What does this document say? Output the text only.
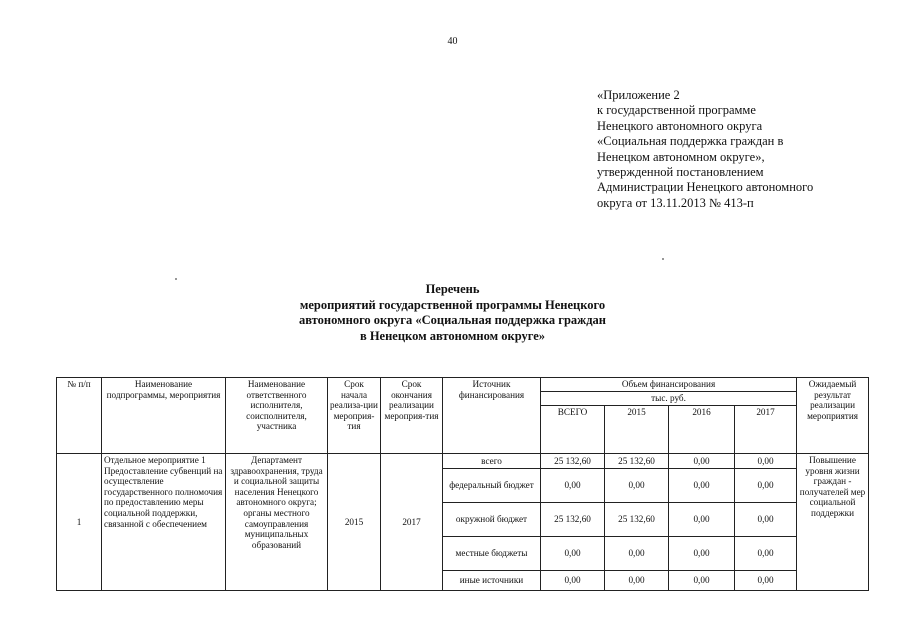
40
«Приложение 2
к государственной программе
Ненецкого автономного округа
«Социальная поддержка граждан в
Ненецком автономном округе»,
утвержденной постановлением
Администрации Ненецкого автономного
округа от 13.11.2013 № 413-п
Перечень
мероприятий государственной программы Ненецкого
автономного округа «Социальная поддержка граждан
в Ненецком автономном округе»
№ п/п	Наименование подпрограммы, мероприятия	Наименование ответственного исполнителя, соисполнителя, участника	Срок начала реализа-ции мероприя-тия	Срок окончания реализации мероприя-тия	Источник финансирования	Объем финансирования				Ожидаемый результат реализации мероприятия
						тыс. руб.				
						ВСЕГО	2015	2016	2017	
1	Отдельное мероприятие 1 Предоставление субвенций на осуществление государственного полномочия по предоставлению меры социальной поддержки, связанной с обеспечением	Департамент здравоохранения, труда и социальной защиты населения Ненецкого автономного округа; органы местного самоуправления муниципальных образований	2015	2017	всего	25 132,60	25 132,60	0,00	0,00	Повышение уровня жизни граждан - получателей мер социальной поддержки
					федеральный бюджет	0,00	0,00	0,00	0,00	
					окружной бюджет	25 132,60	25 132,60	0,00	0,00	
					местные бюджеты	0,00	0,00	0,00	0,00	
					иные источники	0,00	0,00	0,00	0,00	
